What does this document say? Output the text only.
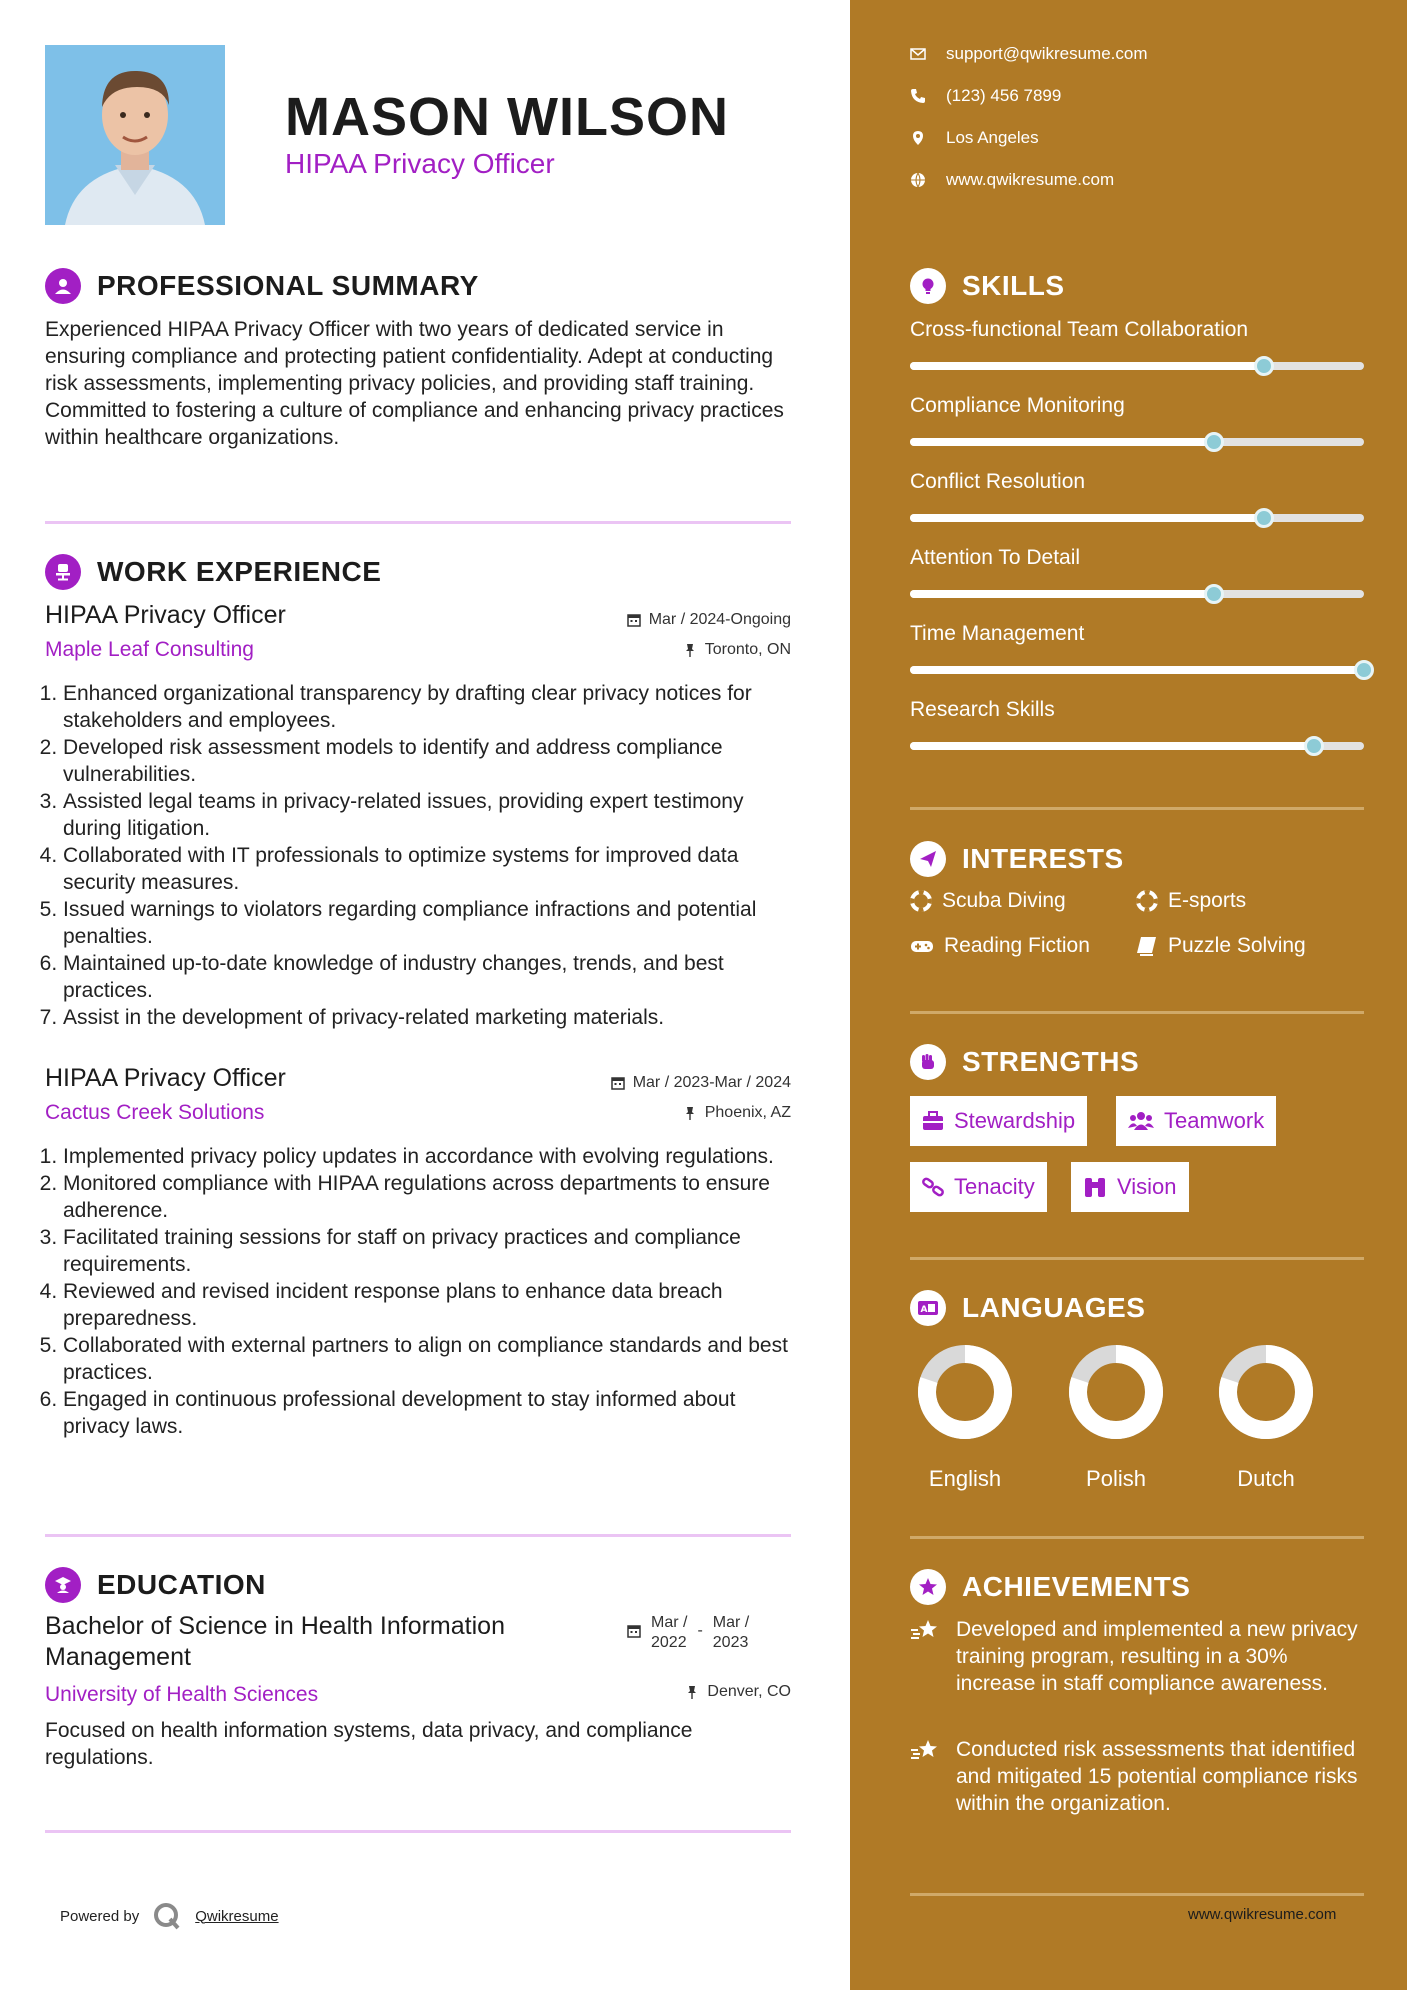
MASON WILSON
HIPAA Privacy Officer
PROFESSIONAL SUMMARY
Experienced HIPAA Privacy Officer with two years of dedicated service in ensuring compliance and protecting patient confidentiality. Adept at conducting risk assessments, implementing privacy policies, and providing staff training. Committed to fostering a culture of compliance and enhancing privacy practices within healthcare organizations.
WORK EXPERIENCE
HIPAA Privacy Officer
Maple Leaf Consulting
Mar / 2024-Ongoing
Toronto, ON
1. Enhanced organizational transparency by drafting clear privacy notices for stakeholders and employees.
2. Developed risk assessment models to identify and address compliance vulnerabilities.
3. Assisted legal teams in privacy-related issues, providing expert testimony during litigation.
4. Collaborated with IT professionals to optimize systems for improved data security measures.
5. Issued warnings to violators regarding compliance infractions and potential penalties.
6. Maintained up-to-date knowledge of industry changes, trends, and best practices.
7. Assist in the development of privacy-related marketing materials.
HIPAA Privacy Officer
Cactus Creek Solutions
Mar / 2023-Mar / 2024
Phoenix, AZ
1. Implemented privacy policy updates in accordance with evolving regulations.
2. Monitored compliance with HIPAA regulations across departments to ensure adherence.
3. Facilitated training sessions for staff on privacy practices and compliance requirements.
4. Reviewed and revised incident response plans to enhance data breach preparedness.
5. Collaborated with external partners to align on compliance standards and best practices.
6. Engaged in continuous professional development to stay informed about privacy laws.
EDUCATION
Bachelor of Science in Health Information Management
University of Health Sciences
Focused on health information systems, data privacy, and compliance regulations.
Mar /
2022
- Mar /
2023
Denver, CO
Powered by	Qwikresume
support@qwikresume.com
(123) 456 7899
Los Angeles
www.qwikresume.com
SKILLS
Cross-functional Team Collaboration
Compliance Monitoring
Conflict Resolution
Attention To Detail
Time Management
Research Skills
INTERESTS
Scuba Diving	E-sports
Reading Fiction	Puzzle Solving
STRENGTHS
Stewardship	Teamwork
Tenacity	Vision
A LANGUAGES
English	Polish	Dutch
ACHIEVEMENTS
Developed and implemented a new privacy training program, resulting in a 30% increase in staff compliance awareness.
Conducted risk assessments that identified and mitigated 15 potential compliance risks within the organization.
www.qwikresume.com
